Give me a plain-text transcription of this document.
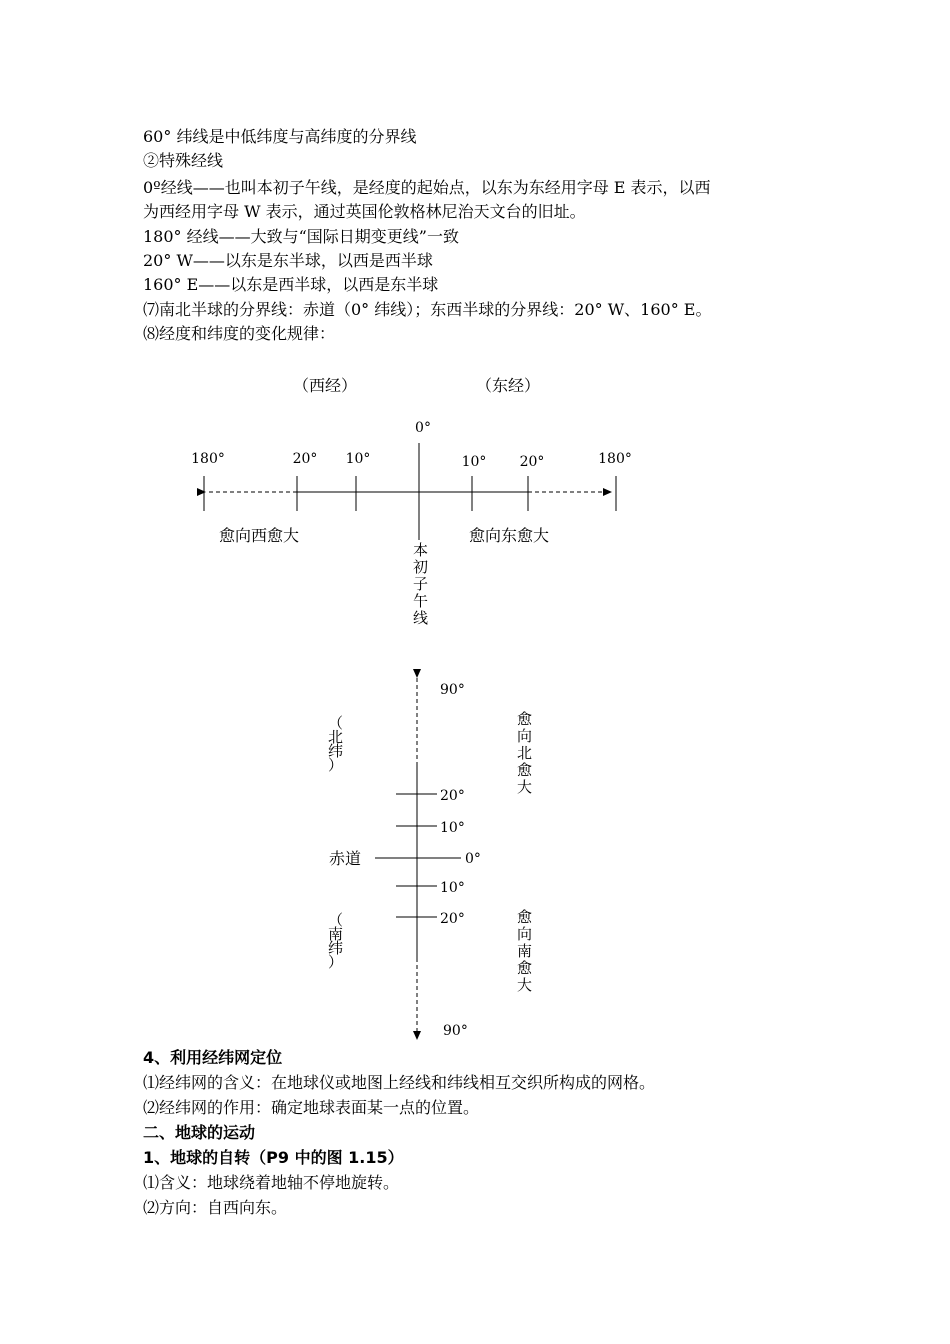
60° 纬线是中低纬度与高纬度的分界线

②特殊经线

0º经线——也叫本初子午线，是经度的起始点，以东为东经用字母 E 表示，以西

为西经用字母 W 表示，通过英国伦敦格林尼治天文台的旧址。

180° 经线——大致与“国际日期变更线”一致

20° W——以东是东半球，以西是西半球

160° E——以东是西半球，以西是东半球

⑺南北半球的分界线：赤道（0° 纬线）；东西半球的分界线：20° W、160° E。

⑻经度和纬度的变化规律：

（西经）	（东经）
0°
180°	20° 10°	10° 20°	180°
愈向西愈大	愈向东愈大
本初子午线
90°
90°
20°
10°
0°
10°
20°
赤道
（北纬）
（南纬）
愈向北愈大
愈向南愈大

4、利用经纬网定位

⑴经纬网的含义：在地球仪或地图上经线和纬线相互交织所构成的网格。

⑵经纬网的作用：确定地球表面某一点的位置。

二、地球的运动

1、地球的自转（P9 中的图 1.15）

⑴含义：地球绕着地轴不停地旋转。

⑵方向：自西向东。
